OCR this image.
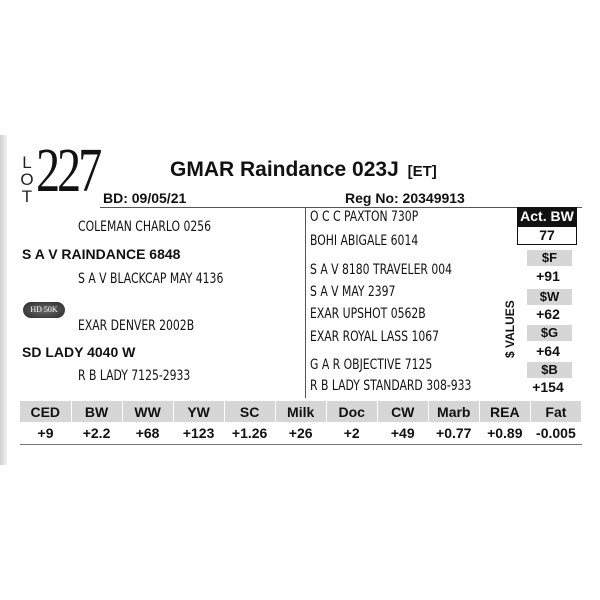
L
O
T 227	GMAR Raindance 023J [ET]
BD: 09/05/21	Reg No: 20349913
COLEMAN CHARLO 0256
S A V RAINDANCE 6848
S A V BLACKCAP MAY 4136
HD 50K
EXAR DENVER 2002B
SD LADY 4040 W
R B LADY 7125-2933
O C C PAXTON 730P
BOHI ABIGALE 6014
S A V 8180 TRAVELER 004
S A V MAY 2397
EXAR UPSHOT 0562B
EXAR ROYAL LASS 1067
G A R OBJECTIVE 7125
R B LADY STANDARD 308-933
Act. BW
77
$ VALUES
$F
+91
$W
+62
$G
+64
$B
+154
CED	BW	WW	YW	SC	Milk	Doc	CW	Marb	REA	Fat
+9	+2.2	+68	+123	+1.26	+26	+2	+49	+0.77	+0.89	-0.005
